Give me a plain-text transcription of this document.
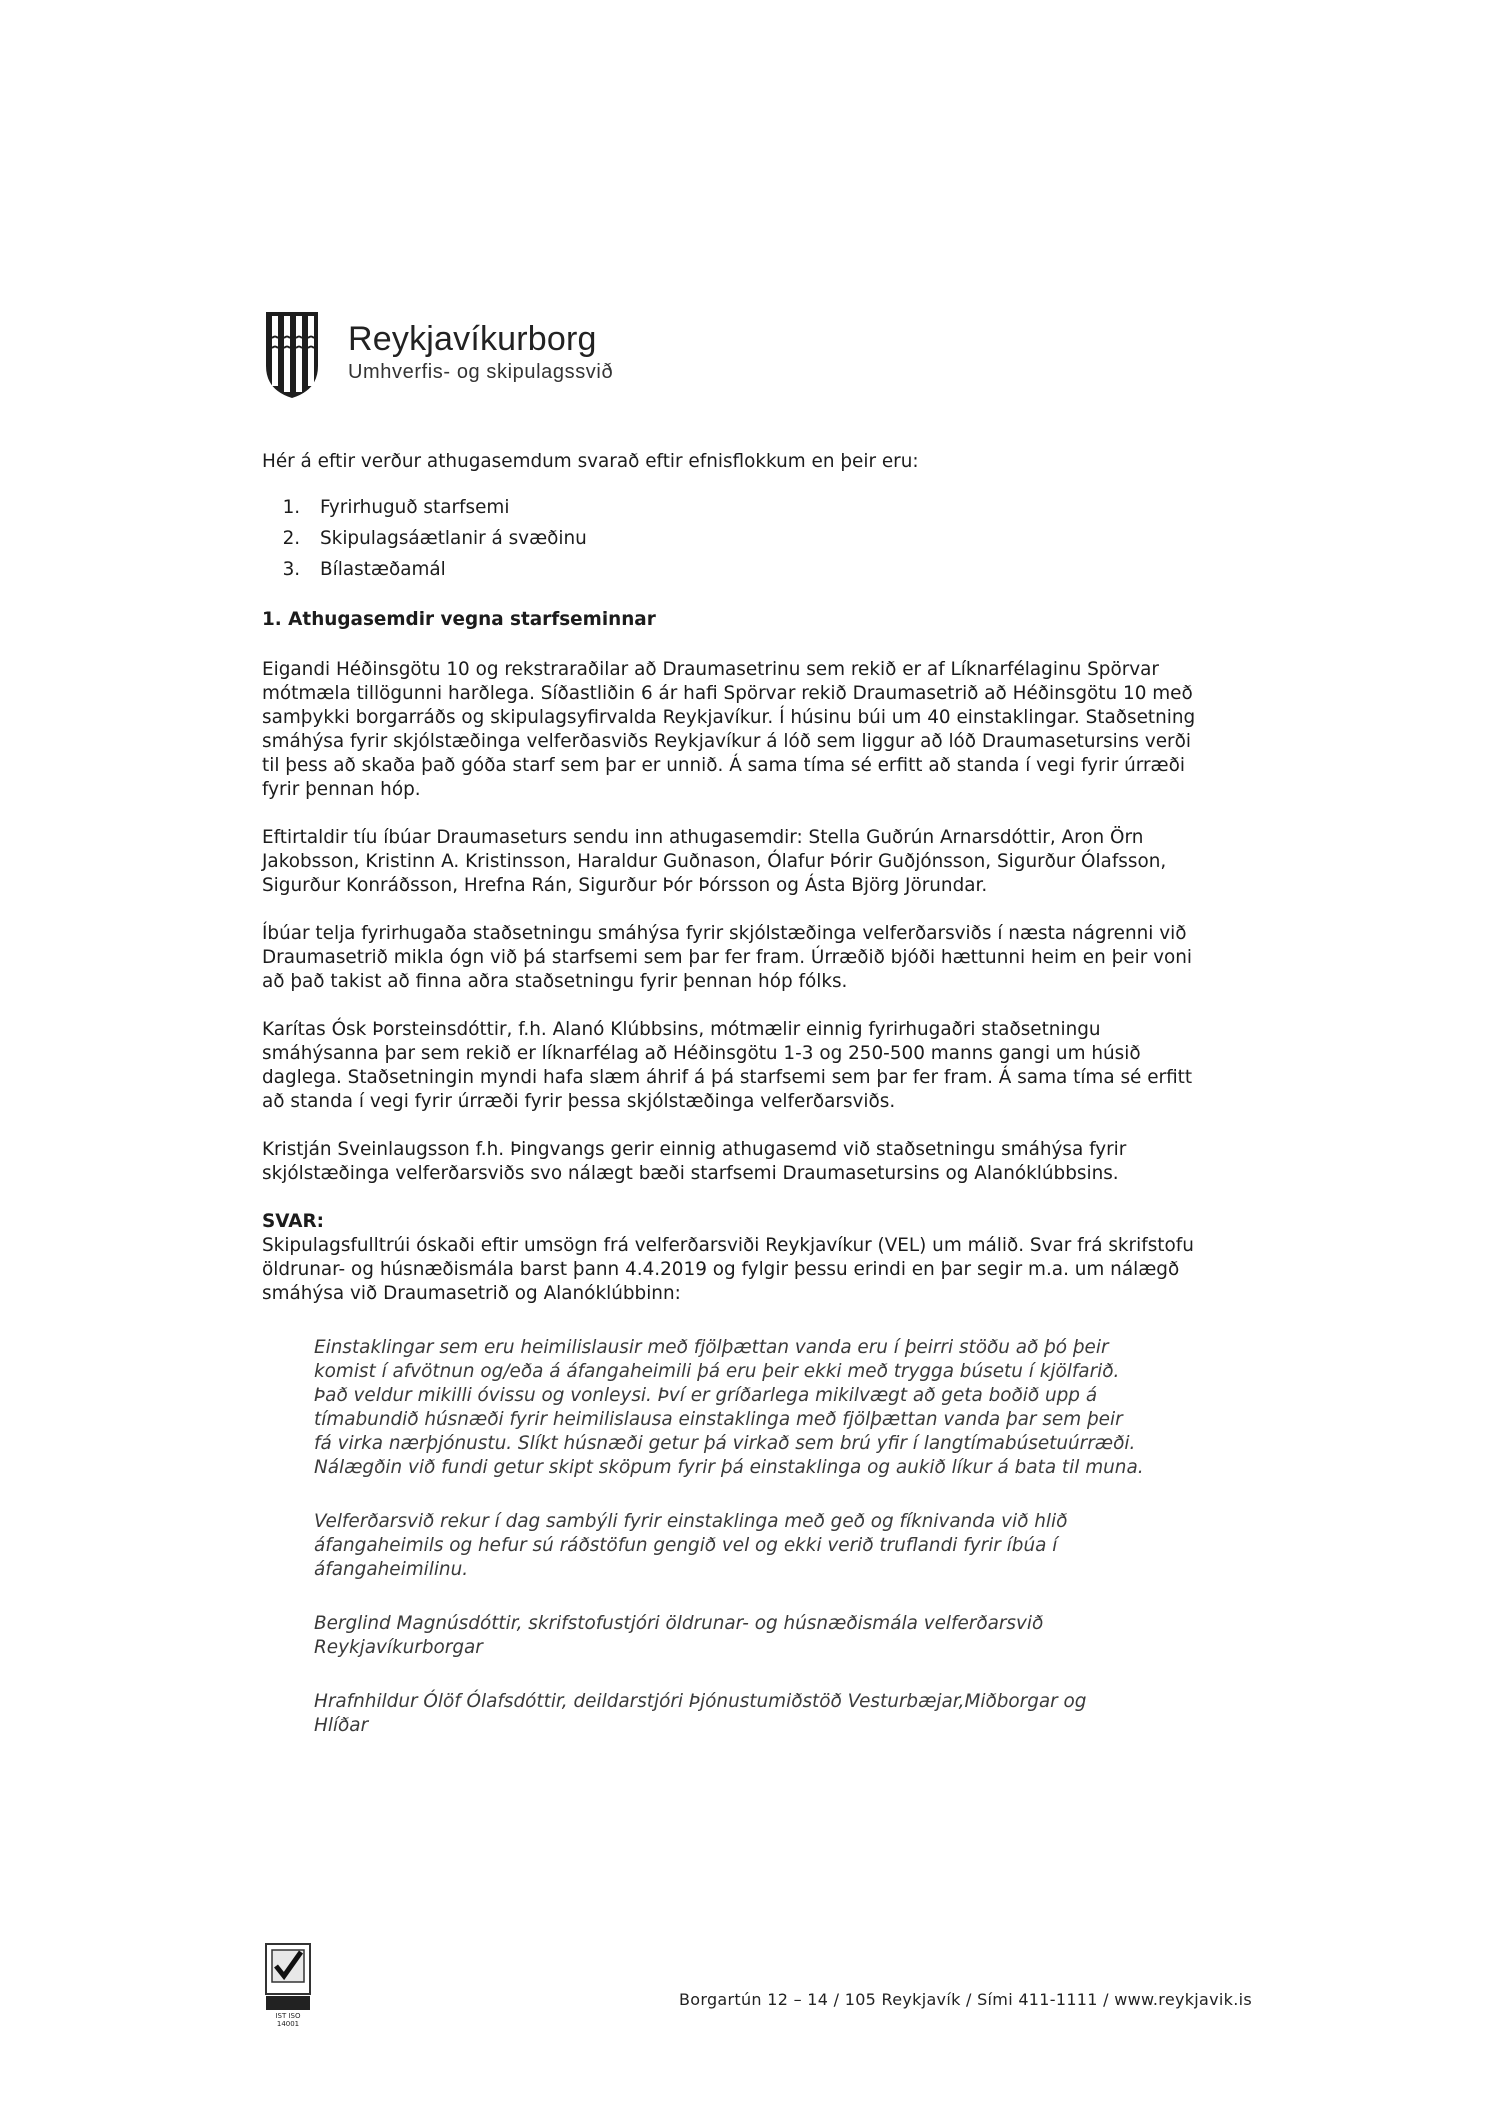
Reykjavíkurborg
Umhverfis- og skipulagssvið

Hér á eftir verður athugasemdum svarað eftir efnisflokkum en þeir eru:

1. Fyrirhuguð starfsemi
2. Skipulagsáætlanir á svæðinu
3. Bílastæðamál

1. Athugasemdir vegna starfseminnar

Eigandi Héðinsgötu 10 og rekstraraðilar að Draumasetrinu sem rekið er af Líknarfélaginu Spörvar mótmæla tillögunni harðlega. Síðastliðin 6 ár hafi Spörvar rekið Draumasetrið að Héðinsgötu 10 með samþykki borgarráðs og skipulagsyfirvalda Reykjavíkur. Í húsinu búi um 40 einstaklingar. Staðsetning smáhýsa fyrir skjólstæðinga velferðasviðs Reykjavíkur á lóð sem liggur að lóð Draumasetursins verði til þess að skaða það góða starf sem þar er unnið. Á sama tíma sé erfitt að standa í vegi fyrir úrræði fyrir þennan hóp.

Eftirtaldir tíu íbúar Draumaseturs sendu inn athugasemdir: Stella Guðrún Arnarsdóttir, Aron Örn Jakobsson, Kristinn A. Kristinsson, Haraldur Guðnason, Ólafur Þórir Guðjónsson, Sigurður Ólafsson, Sigurður Konráðsson, Hrefna Rán, Sigurður Þór Þórsson og Ásta Björg Jörundar.

Íbúar telja fyrirhugaða staðsetningu smáhýsa fyrir skjólstæðinga velferðarsviðs í næsta nágrenni við Draumasetrið mikla ógn við þá starfsemi sem þar fer fram. Úrræðið bjóði hættunni heim en þeir voni að það takist að finna aðra staðsetningu fyrir þennan hóp fólks.

Karítas Ósk Þorsteinsdóttir, f.h. Alanó Klúbbsins, mótmælir einnig fyrirhugaðri staðsetningu smáhýsanna þar sem rekið er líknarfélag að Héðinsgötu 1-3 og 250-500 manns gangi um húsið daglega. Staðsetningin myndi hafa slæm áhrif á þá starfsemi sem þar fer fram. Á sama tíma sé erfitt að standa í vegi fyrir úrræði fyrir þessa skjólstæðinga velferðarsviðs.

Kristján Sveinlaugsson f.h. Þingvangs gerir einnig athugasemd við staðsetningu smáhýsa fyrir skjólstæðinga velferðarsviðs svo nálægt bæði starfsemi Draumasetursins og Alanóklúbbsins.

SVAR:

Skipulagsfulltrúi óskaði eftir umsögn frá velferðarsviði Reykjavíkur (VEL) um málið. Svar frá skrifstofu öldrunar- og húsnæðismála barst þann 4.4.2019 og fylgir þessu erindi en þar segir m.a. um nálægð smáhýsa við Draumasetrið og Alanóklúbbinn:

Einstaklingar sem eru heimilislausir með fjölþættan vanda eru í þeirri stöðu að þó þeir komist í afvötnun og/eða á áfangaheimili þá eru þeir ekki með trygga búsetu í kjölfarið. Það veldur mikilli óvissu og vonleysi. Því er gríðarlega mikilvægt að geta boðið upp á tímabundið húsnæði fyrir heimilislausa einstaklinga með fjölþættan vanda þar sem þeir fá virka nærþjónustu. Slíkt húsnæði getur þá virkað sem brú yfir í langtímabúsetuúrræði. Nálægðin við fundi getur skipt sköpum fyrir þá einstaklinga og aukið líkur á bata til muna.

Velferðarsvið rekur í dag sambýli fyrir einstaklinga með geð og fíknivanda við hlið áfangaheimils og hefur sú ráðstöfun gengið vel og ekki verið truflandi fyrir íbúa í áfangaheimilinu.

Berglind Magnúsdóttir, skrifstofustjóri öldrunar- og húsnæðismála velferðarsvið Reykjavíkurborgar

Hrafnhildur Ólöf Ólafsdóttir, deildarstjóri Þjónustumiðstöð Vesturbæjar,Miðborgar og Hlíðar

IST ISO 14001
Borgartún 12 – 14 / 105 Reykjavík / Sími 411-1111 / www.reykjavik.is
